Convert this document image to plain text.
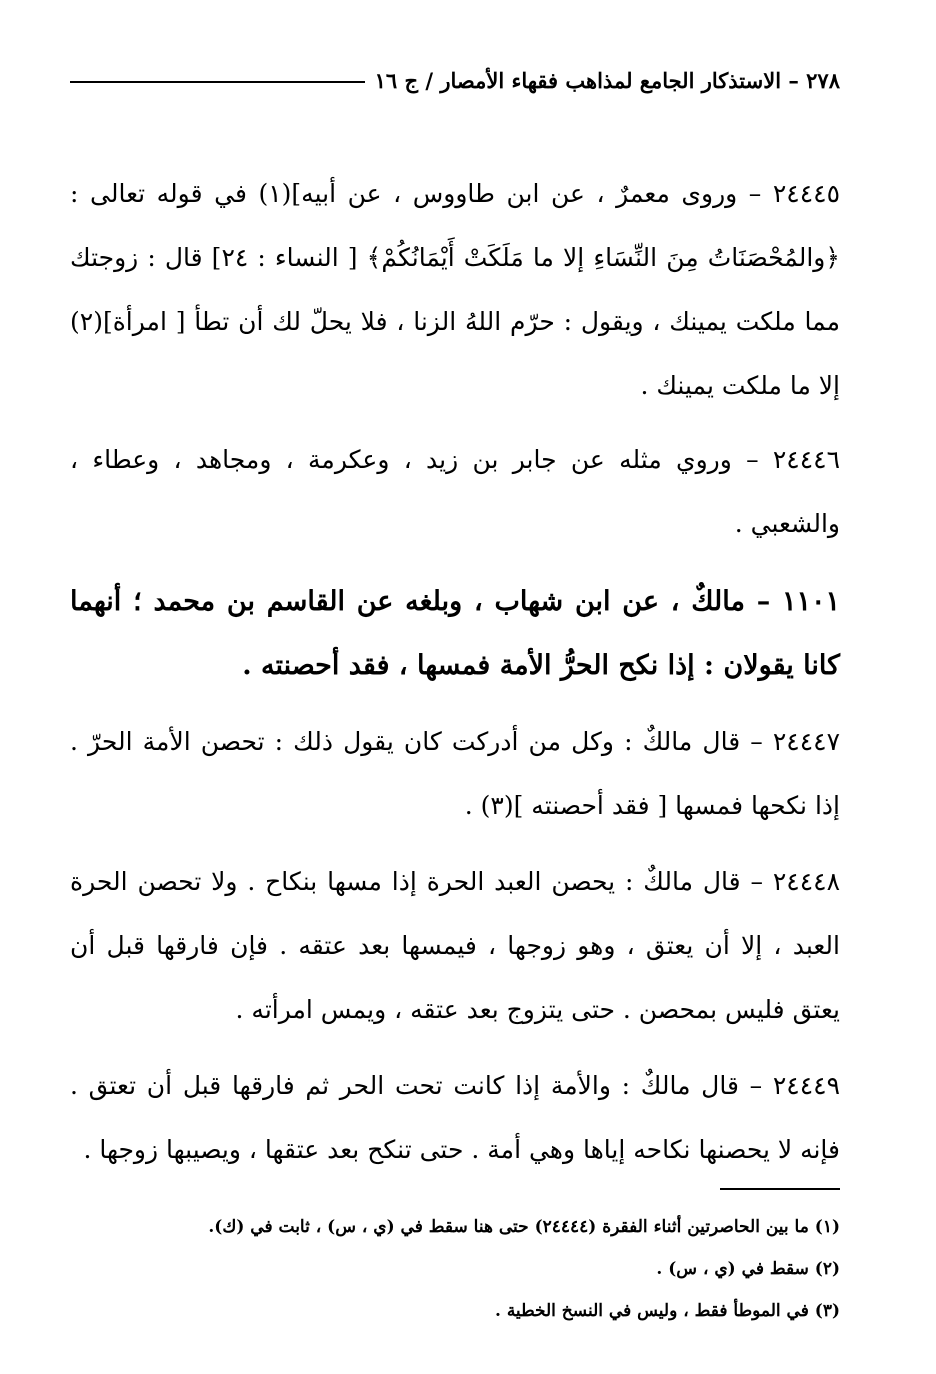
٢٧٨ – الاستذكار الجامع لمذاهب فقهاء الأمصار / ج ١٦

٢٤٤٤٥ – وروى معمرٌ ، عن ابن طاووس ، عن أبيه](١) في قوله تعالى : ﴿والمُحْصَنَاتُ مِنَ النِّسَاءِ إلا ما مَلَكَتْ أَيْمَانُكُمْ﴾ [ النساء : ٢٤] قال : زوجتك مما ملكت يمينك ، ويقول : حرّم اللهُ الزنا ، فلا يحلّ لك أن تطأ [ امرأة](٢) إلا ما ملكت يمينك .

٢٤٤٤٦ – وروي مثله عن جابر بن زيد ، وعكرمة ، ومجاهد ، وعطاء ، والشعبي .

١١٠١ – مالكٌ ، عن ابن شهاب ، وبلغه عن القاسم بن محمد ؛ أنهما كانا يقولان : إذا نكح الحرُّ الأمة فمسها ، فقد أحصنته .

٢٤٤٤٧ – قال مالكٌ : وكل من أدركت كان يقول ذلك : تحصن الأمة الحرّ . إذا نكحها فمسها [ فقد أحصنته ](٣) .

٢٤٤٤٨ – قال مالكٌ : يحصن العبد الحرة إذا مسها بنكاح . ولا تحصن الحرة العبد ، إلا أن يعتق ، وهو زوجها ، فيمسها بعد عتقه . فإن فارقها قبل أن يعتق فليس بمحصن . حتى يتزوج بعد عتقه ، ويمس امرأته .

٢٤٤٤٩ – قال مالكٌ : والأمة إذا كانت تحت الحر ثم فارقها قبل أن تعتق . فإنه لا يحصنها نكاحه إياها وهي أمة . حتى تنكح بعد عتقها ، ويصيبها زوجها .

(١) ما بين الحاصرتين أثناء الفقرة (٢٤٤٤٤) حتى هنا سقط في (ي ، س) ، ثابت في (ك).

(٢) سقط في (ي ، س) .

(٣) في الموطأ فقط ، وليس في النسخ الخطية .
